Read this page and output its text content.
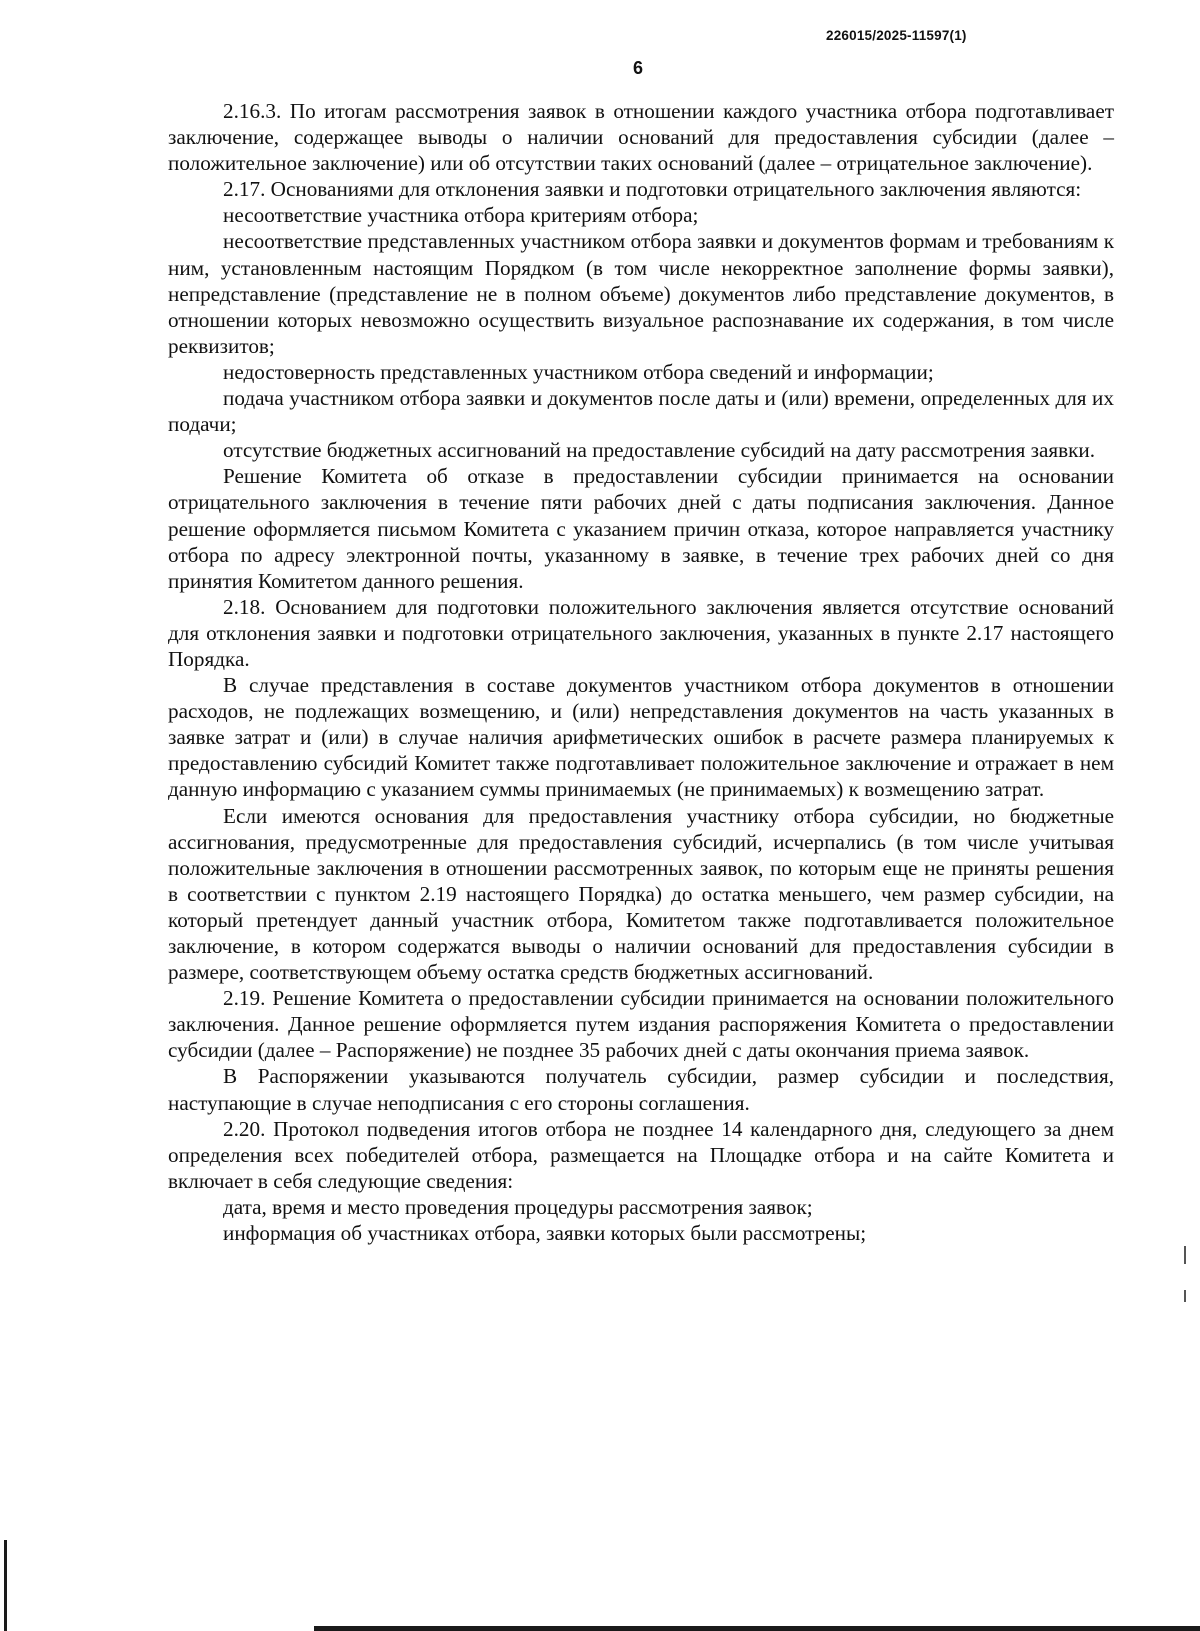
226015/2025-11597(1)
6

2.16.3. По итогам рассмотрения заявок в отношении каждого участника отбора подготавливает заключение, содержащее выводы о наличии оснований для предоставления субсидии (далее – положительное заключение) или об отсутствии таких оснований (далее – отрицательное заключение).

2.17. Основаниями для отклонения заявки и подготовки отрицательного заключения являются:

несоответствие участника отбора критериям отбора;

несоответствие представленных участником отбора заявки и документов формам и требованиям к ним, установленным настоящим Порядком (в том числе некорректное заполнение формы заявки), непредставление (представление не в полном объеме) документов либо представление документов, в отношении которых невозможно осуществить визуальное распознавание их содержания, в том числе реквизитов;

недостоверность представленных участником отбора сведений и информации;

подача участником отбора заявки и документов после даты и (или) времени, определенных для их подачи;

отсутствие бюджетных ассигнований на предоставление субсидий на дату рассмотрения заявки.

Решение Комитета об отказе в предоставлении субсидии принимается на основании отрицательного заключения в течение пяти рабочих дней с даты подписания заключения. Данное решение оформляется письмом Комитета с указанием причин отказа, которое направляется участнику отбора по адресу электронной почты, указанному в заявке, в течение трех рабочих дней со дня принятия Комитетом данного решения.

2.18. Основанием для подготовки положительного заключения является отсутствие оснований для отклонения заявки и подготовки отрицательного заключения, указанных в пункте 2.17 настоящего Порядка.

В случае представления в составе документов участником отбора документов в отношении расходов, не подлежащих возмещению, и (или) непредставления документов на часть указанных в заявке затрат и (или) в случае наличия арифметических ошибок в расчете размера планируемых к предоставлению субсидий Комитет также подготавливает положительное заключение и отражает в нем данную информацию с указанием суммы принимаемых (не принимаемых) к возмещению затрат.

Если имеются основания для предоставления участнику отбора субсидии, но бюджетные ассигнования, предусмотренные для предоставления субсидий, исчерпались (в том числе учитывая положительные заключения в отношении рассмотренных заявок, по которым еще не приняты решения в соответствии с пунктом 2.19 настоящего Порядка) до остатка меньшего, чем размер субсидии, на который претендует данный участник отбора, Комитетом также подготавливается положительное заключение, в котором содержатся выводы о наличии оснований для предоставления субсидии в размере, соответствующем объему остатка средств бюджетных ассигнований.

2.19. Решение Комитета о предоставлении субсидии принимается на основании положительного заключения. Данное решение оформляется путем издания распоряжения Комитета о предоставлении субсидии (далее – Распоряжение) не позднее 35 рабочих дней с даты окончания приема заявок.

В Распоряжении указываются получатель субсидии, размер субсидии и последствия, наступающие в случае неподписания с его стороны соглашения.

2.20. Протокол подведения итогов отбора не позднее 14 календарного дня, следующего за днем определения всех победителей отбора, размещается на Площадке отбора и на сайте Комитета и включает в себя следующие сведения:

дата, время и место проведения процедуры рассмотрения заявок;

информация об участниках отбора, заявки которых были рассмотрены;
